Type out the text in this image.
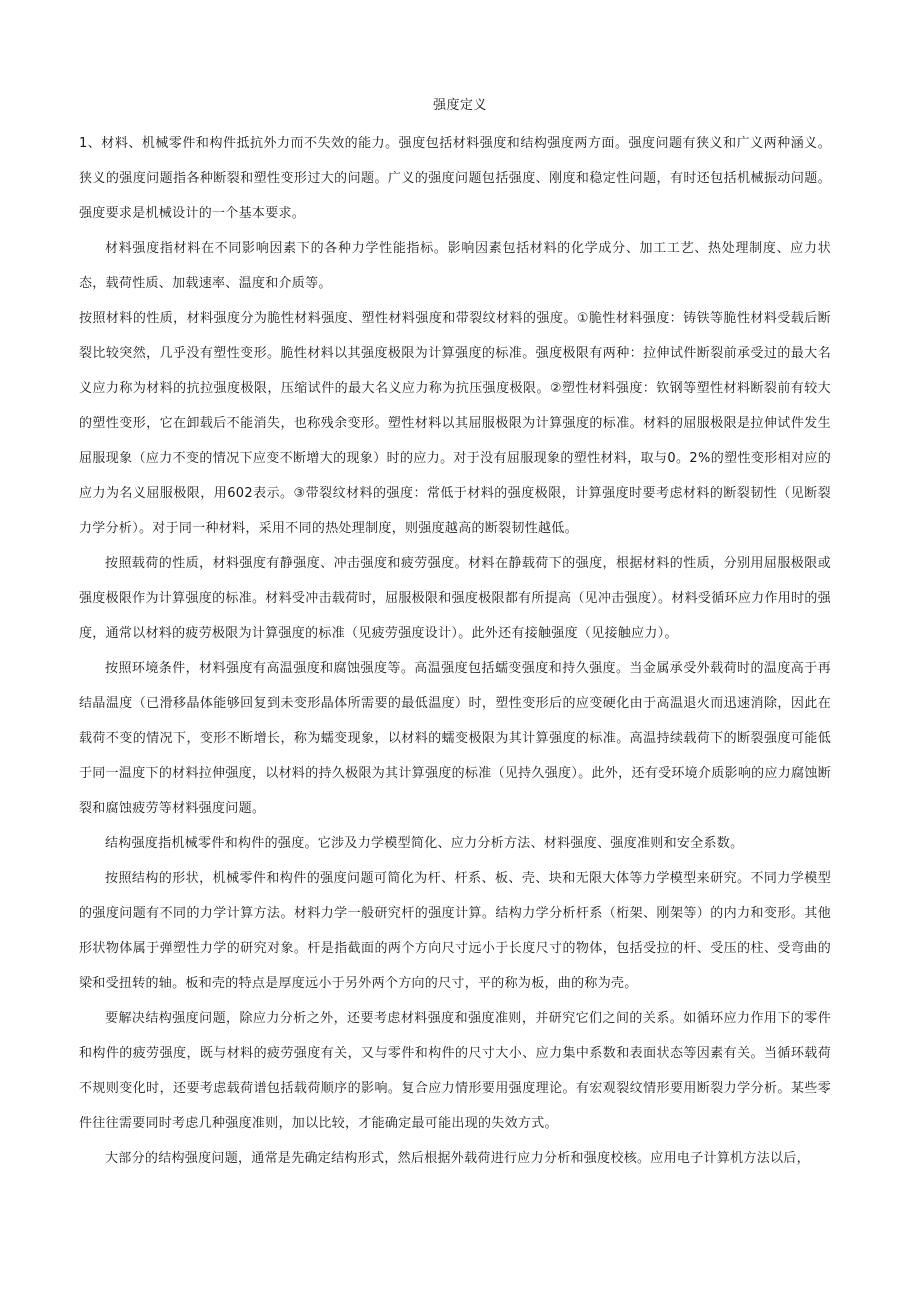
强度定义

1、材料、机械零件和构件抵抗外力而不失效的能力。强度包括材料强度和结构强度两方面。强度问题有狭义和广义两种涵义。狭义的强度问题指各种断裂和塑性变形过大的问题。广义的强度问题包括强度、刚度和稳定性问题，有时还包括机械振动问题。强度要求是机械设计的一个基本要求。

材料强度指材料在不同影响因素下的各种力学性能指标。影响因素包括材料的化学成分、加工工艺、热处理制度、应力状态，载荷性质、加载速率、温度和介质等。

按照材料的性质，材料强度分为脆性材料强度、塑性材料强度和带裂纹材料的强度。①脆性材料强度：铸铁等脆性材料受载后断裂比较突然，几乎没有塑性变形。脆性材料以其强度极限为计算强度的标准。强度极限有两种：拉伸试件断裂前承受过的最大名义应力称为材料的抗拉强度极限，压缩试件的最大名义应力称为抗压强度极限。②塑性材料强度：钦钢等塑性材料断裂前有较大的塑性变形，它在卸载后不能消失，也称残余变形。塑性材料以其屈服极限为计算强度的标准。材料的屈服极限是拉伸试件发生屈服现象（应力不变的情况下应变不断增大的现象）时的应力。对于没有屈服现象的塑性材料，取与0。2%的塑性变形相对应的应力为名义屈服极限，用602表示。③带裂纹材料的强度：常低于材料的强度极限，计算强度时要考虑材料的断裂韧性（见断裂力学分析）。对于同一种材料，采用不同的热处理制度，则强度越高的断裂韧性越低。

按照载荷的性质，材料强度有静强度、冲击强度和疲劳强度。材料在静载荷下的强度，根据材料的性质，分别用屈服极限或强度极限作为计算强度的标准。材料受冲击载荷时，屈服极限和强度极限都有所提高（见冲击强度）。材料受循环应力作用时的强度，通常以材料的疲劳极限为计算强度的标准（见疲劳强度设计）。此外还有接触强度（见接触应力）。

按照环境条件，材料强度有高温强度和腐蚀强度等。高温强度包括蠕变强度和持久强度。当金属承受外载荷时的温度高于再结晶温度（已滑移晶体能够回复到未变形晶体所需要的最低温度）时，塑性变形后的应变硬化由于高温退火而迅速消除，因此在载荷不变的情况下，变形不断增长，称为蠕变现象，以材料的蠕变极限为其计算强度的标准。高温持续载荷下的断裂强度可能低于同一温度下的材料拉伸强度，以材料的持久极限为其计算强度的标准（见持久强度）。此外，还有受环境介质影响的应力腐蚀断裂和腐蚀疲劳等材料强度问题。

结构强度指机械零件和构件的强度。它涉及力学模型简化、应力分析方法、材料强度、强度准则和安全系数。

按照结构的形状，机械零件和构件的强度问题可简化为杆、杆系、板、壳、块和无限大体等力学模型来研究。不同力学模型的强度问题有不同的力学计算方法。材料力学一般研究杆的强度计算。结构力学分析杆系（桁架、刚架等）的内力和变形。其他形状物体属于弹塑性力学的研究对象。杆是指截面的两个方向尺寸远小于长度尺寸的物体，包括受拉的杆、受压的柱、受弯曲的梁和受扭转的轴。板和壳的特点是厚度远小于另外两个方向的尺寸，平的称为板，曲的称为壳。

要解决结构强度问题，除应力分析之外，还要考虑材料强度和强度准则，并研究它们之间的关系。如循环应力作用下的零件和构件的疲劳强度，既与材料的疲劳强度有关，又与零件和构件的尺寸大小、应力集中系数和表面状态等因素有关。当循环载荷不规则变化时，还要考虑载荷谱包括载荷顺序的影响。复合应力情形要用强度理论。有宏观裂纹情形要用断裂力学分析。某些零件往往需要同时考虑几种强度准则，加以比较，才能确定最可能出现的失效方式。

大部分的结构强度问题，通常是先确定结构形式，然后根据外载荷进行应力分析和强度校核。应用电子计算机方法以后，
